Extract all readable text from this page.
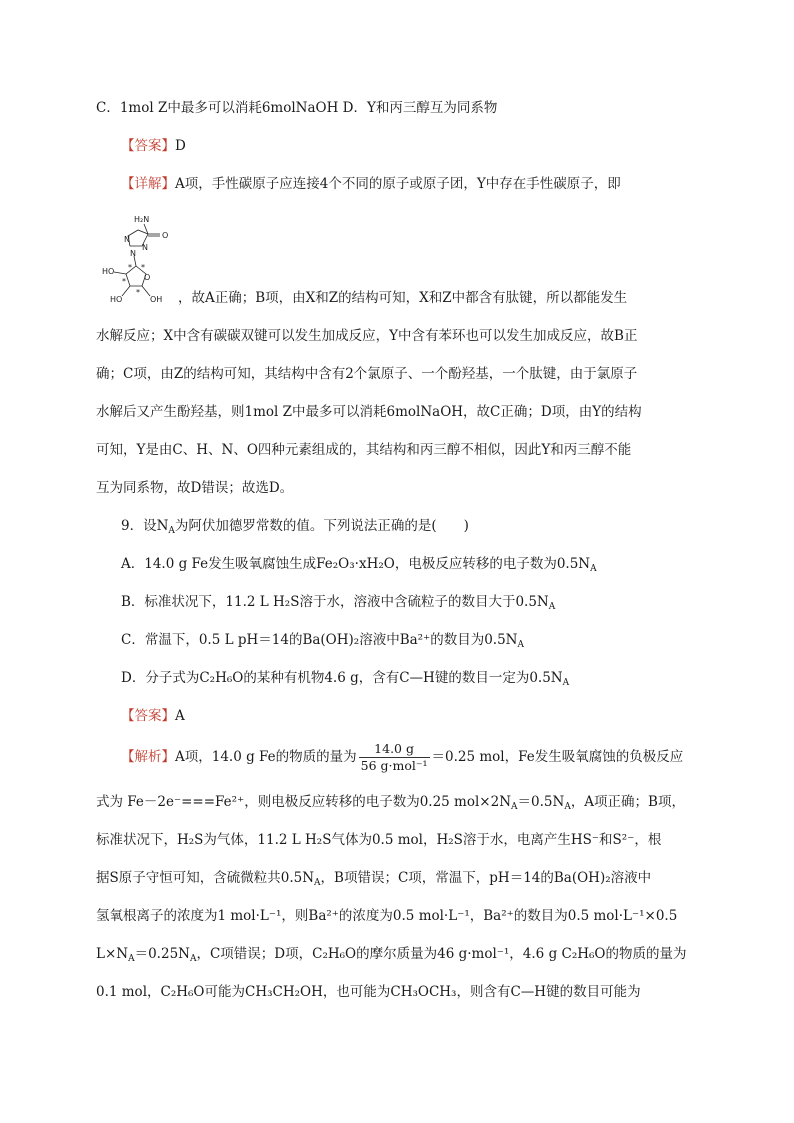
C．1mol Z中最多可以消耗6molNaOH D．Y和丙三醇互为同系物
【答案】D
【详解】A项，手性碳原子应连接4个不同的原子或原子团，Y中存在手性碳原子，即
H₂N
O
N
N
N
O
* *
*
*
HO
HO	OH ，故A正确；B项，由X和Z的结构可知，X和Z中都含有肽键，所以都能发生
水解反应；X中含有碳碳双键可以发生加成反应，Y中含有苯环也可以发生加成反应，故B正
确；C项，由Z的结构可知，其结构中含有2个氯原子、一个酚羟基，一个肽键，由于氯原子
水解后又产生酚羟基，则1mol Z中最多可以消耗6molNaOH，故C正确；D项，由Y的结构
可知，Y是由C、H、N、O四种元素组成的，其结构和丙三醇不相似，因此Y和丙三醇不能
互为同系物，故D错误；故选D。
9．设$N_A$为阿伏加德罗常数的值。下列说法正确的是(　　)
A．14.0 g Fe发生吸氧腐蚀生成Fe₂O₃·xH₂O，电极反应转移的电子数为$0.5N_A$
B．标准状况下，11.2 L H₂S溶于水，溶液中含硫粒子的数目大于$0.5N_A$
C．常温下，0.5 L pH＝14的Ba(OH)₂溶液中Ba²⁺的数目为$0.5N_A$
D．分子式为C₂H₆O的某种有机物4.6 g，含有C—H键的数目一定为$0.5N_A$
【答案】A
【解析】A项，14.0 g Fe的物质的量为 $\frac{14.0 g}{\text{56 g·mol⁻¹}} =0.25$ mol，Fe发生吸氧腐蚀的负极反应
式为 Fe－2e⁻===Fe²⁺，则电极反应转移的电子数为0.25 $mol\times 2N_A=0.5N_A$，A项正确；B项，
标准状况下，H₂S为气体，11.2 L H₂S气体为0.5 mol，H₂S溶于水，电离产生HS⁻和S²⁻，根
据S原子守恒可知，含硫微粒共$0.5N_A$，B项错误；C项，常温下，pH＝14的Ba(OH)₂溶液中
氢氧根离子的浓度为1 mol·L⁻¹，则Ba²⁺的浓度为0.5 mol·L⁻¹，Ba²⁺的数目为0.5 mol·L⁻¹×0.5
$L\times N_A=0.25N_A$，C项错误；D项，C₂H₆O的摩尔质量为46 g·mol⁻¹，4.6 g C₂H₆O的物质的量为
0.1 mol，C₂H₆O可能为CH₃CH₂OH，也可能为CH₃OCH₃，则含有C—H键的数目可能为
